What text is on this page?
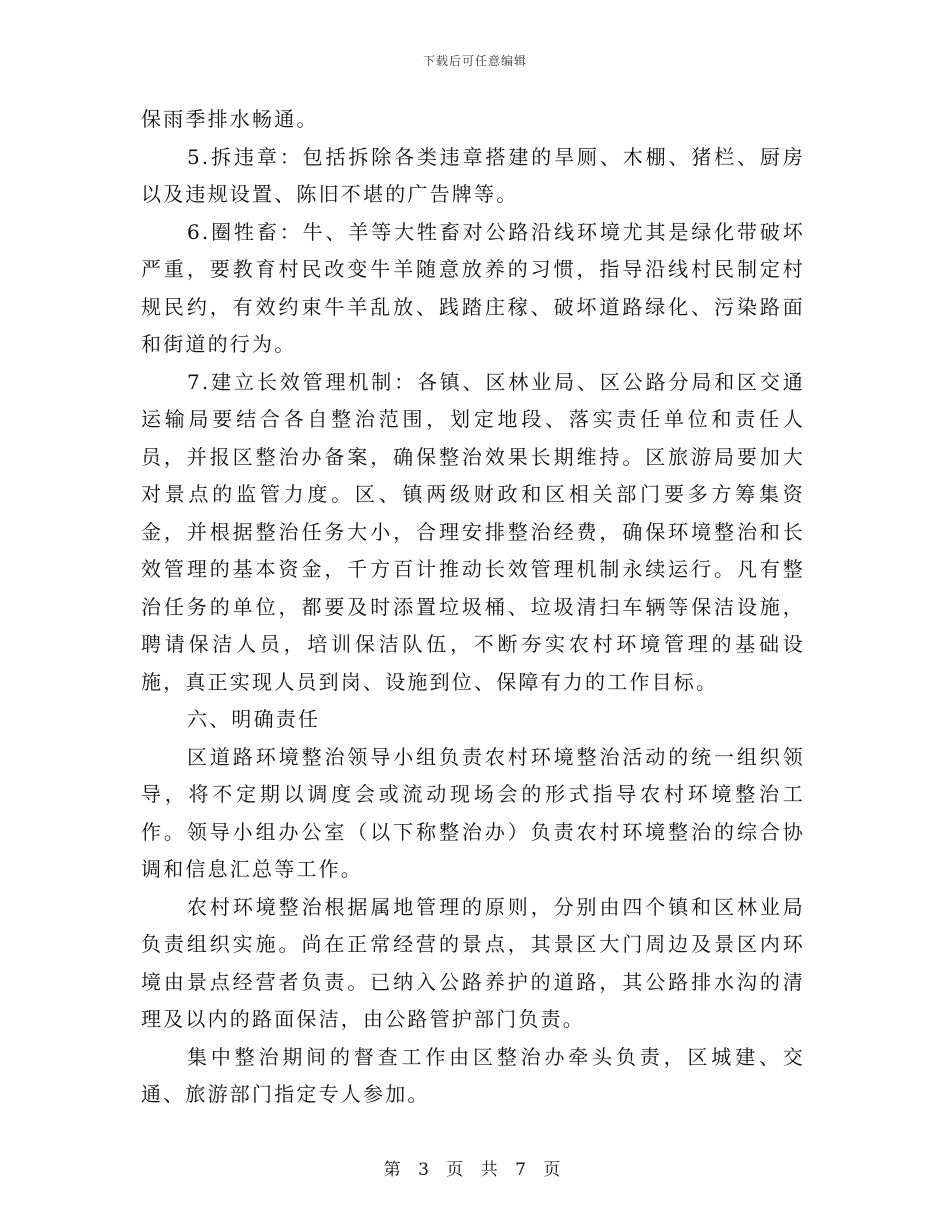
下载后可任意编辑

保雨季排水畅通。

5.拆违章：包括拆除各类违章搭建的旱厕、木棚、猪栏、厨房以及违规设置、陈旧不堪的广告牌等。

6.圈牲畜：牛、羊等大牲畜对公路沿线环境尤其是绿化带破坏严重，要教育村民改变牛羊随意放养的习惯，指导沿线村民制定村规民约，有效约束牛羊乱放、践踏庄稼、破坏道路绿化、污染路面和街道的行为。

7.建立长效管理机制：各镇、区林业局、区公路分局和区交通运输局要结合各自整治范围，划定地段、落实责任单位和责任人员，并报区整治办备案，确保整治效果长期维持。区旅游局要加大对景点的监管力度。区、镇两级财政和区相关部门要多方筹集资金，并根据整治任务大小，合理安排整治经费，确保环境整治和长效管理的基本资金，千方百计推动长效管理机制永续运行。凡有整治任务的单位，都要及时添置垃圾桶、垃圾清扫车辆等保洁设施，聘请保洁人员，培训保洁队伍，不断夯实农村环境管理的基础设施，真正实现人员到岗、设施到位、保障有力的工作目标。

六、明确责任

区道路环境整治领导小组负责农村环境整治活动的统一组织领导，将不定期以调度会或流动现场会的形式指导农村环境整治工作。领导小组办公室（以下称整治办）负责农村环境整治的综合协调和信息汇总等工作。

农村环境整治根据属地管理的原则，分别由四个镇和区林业局负责组织实施。尚在正常经营的景点，其景区大门周边及景区内环境由景点经营者负责。已纳入公路养护的道路，其公路排水沟的清理及以内的路面保洁，由公路管护部门负责。

集中整治期间的督查工作由区整治办牵头负责，区城建、交通、旅游部门指定专人参加。

第 3 页 共 7 页
